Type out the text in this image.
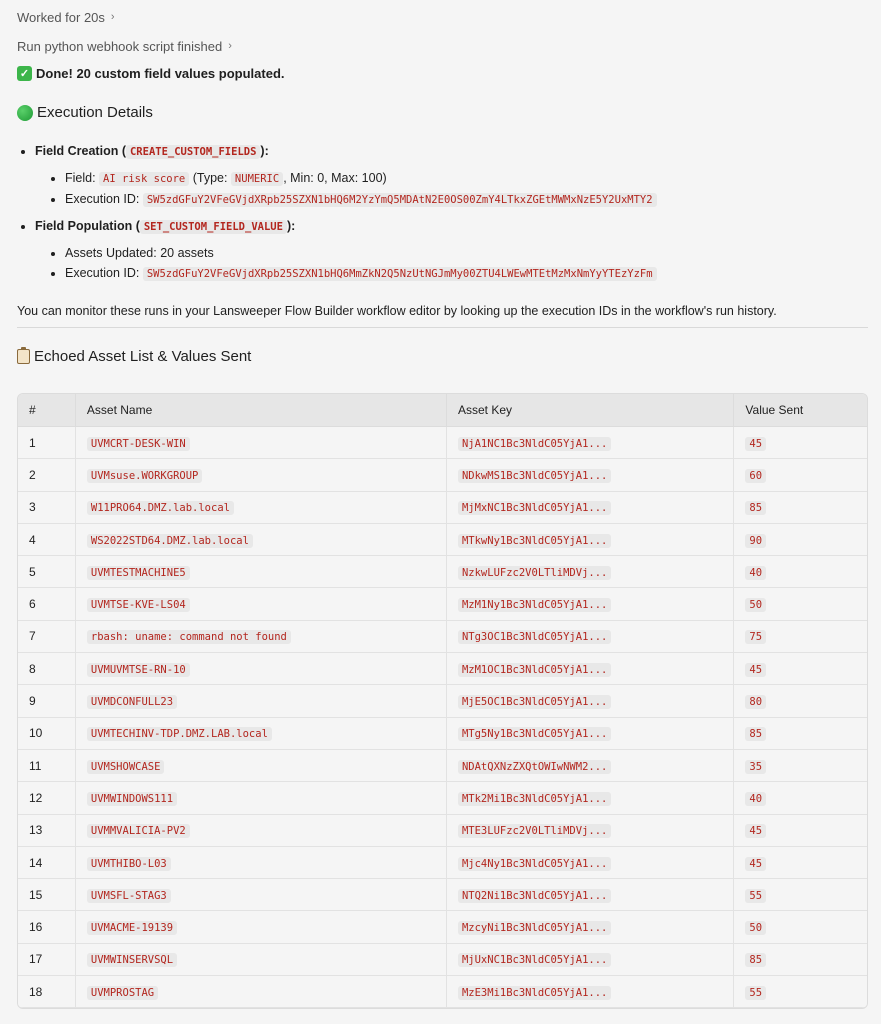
Worked for 20s ›
Run python webhook script finished ›
✓ Done! 20 custom field values populated.
Execution Details
• Field Creation ( CREATE_CUSTOM_FIELDS ):
• Field: AI risk score (Type: NUMERIC , Min: 0, Max: 100)
• Execution ID: SW5zdGFuY2VFeGVjdXRpb25SZXN1bHQ6M2YzYmQ5MDAtN2E0OS00ZmY4LTkxZGEtMWMxNzE5Y2UxMTY2
• Field Population ( SET_CUSTOM_FIELD_VALUE ):
• Assets Updated: 20 assets
• Execution ID: SW5zdGFuY2VFeGVjdXRpb25SZXN1bHQ6MmZkN2Q5NzUtNGJmMy00ZTU4LWEwMTEtMzMxNmYyYTEzYzFm
You can monitor these runs in your Lansweeper Flow Builder workflow editor by looking up the execution IDs in the workflow's run history.
Echoed Asset List & Values Sent
#	Asset Name	Asset Key	Value Sent
1	UVMCRT-DESK-WIN	NjA1NC1Bc3NldC05YjA1...	45
2	UVMsuse.WORKGROUP	NDkwMS1Bc3NldC05YjA1...	60
3	W11PRO64.DMZ.lab.local	MjMxNC1Bc3NldC05YjA1...	85
4	WS2022STD64.DMZ.lab.local	MTkwNy1Bc3NldC05YjA1...	90
5	UVMTESTMACHINE5	NzkwLUFzc2V0LTliMDVj...	40
6	UVMTSE-KVE-LS04	MzM1Ny1Bc3NldC05YjA1...	50
7	rbash: uname: command not found	NTg3OC1Bc3NldC05YjA1...	75
8	UVMUVMTSE-RN-10	MzM1OC1Bc3NldC05YjA1...	45
9	UVMDCONFULL23	MjE5OC1Bc3NldC05YjA1...	80
10	UVMTECHINV-TDP.DMZ.LAB.local	MTg5Ny1Bc3NldC05YjA1...	85
11	UVMSHOWCASE	NDAtQXNzZXQtOWIwNWM2...	35
12	UVMWINDOWS111	MTk2Mi1Bc3NldC05YjA1...	40
13	UVMMVALICIA-PV2	MTE3LUFzc2V0LTliMDVj...	45
14	UVMTHIBO-L03	Mjc4Ny1Bc3NldC05YjA1...	45
15	UVMSFL-STAG3	NTQ2Ni1Bc3NldC05YjA1...	55
16	UVMACME-19139	MzcyNi1Bc3NldC05YjA1...	50
17	UVMWINSERVSQL	MjUxNC1Bc3NldC05YjA1...	85
18	UVMPROSTAG	MzE3Mi1Bc3NldC05YjA1...	55
